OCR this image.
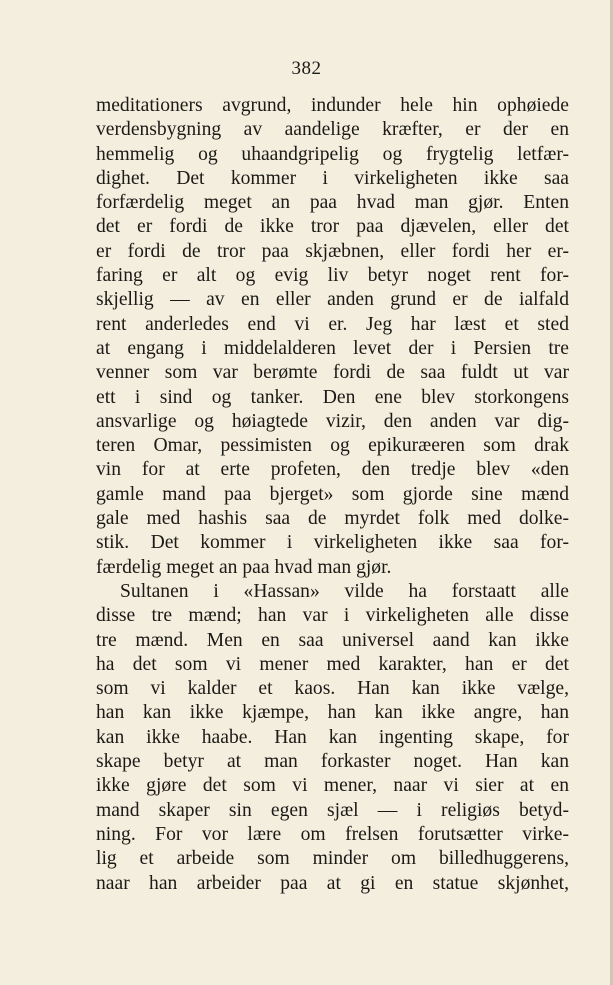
382
meditationers avgrund, indunder hele hin ophøiede
verdensbygning av aandelige kræfter, er der en
hemmelig og uhaandgripelig og frygtelig letfær-
dighet. Det kommer i virkeligheten ikke saa
forfærdelig meget an paa hvad man gjør. Enten
det er fordi de ikke tror paa djævelen, eller det
er fordi de tror paa skjæbnen, eller fordi her er-
faring er alt og evig liv betyr noget rent for-
skjellig — av en eller anden grund er de ialfald
rent anderledes end vi er. Jeg har læst et sted
at engang i middelalderen levet der i Persien tre
venner som var berømte fordi de saa fuldt ut var
ett i sind og tanker. Den ene blev storkongens
ansvarlige og høiagtede vizir, den anden var dig-
teren Omar, pessimisten og epikuræeren som drak
vin for at erte profeten, den tredje blev «den
gamle mand paa bjerget» som gjorde sine mænd
gale med hashis saa de myrdet folk med dolke-
stik. Det kommer i virkeligheten ikke saa for-
færdelig meget an paa hvad man gjør.
Sultanen i «Hassan» vilde ha forstaatt alle
disse tre mænd; han var i virkeligheten alle disse
tre mænd. Men en saa universel aand kan ikke
ha det som vi mener med karakter, han er det
som vi kalder et kaos. Han kan ikke vælge,
han kan ikke kjæmpe, han kan ikke angre, han
kan ikke haabe. Han kan ingenting skape, for
skape betyr at man forkaster noget. Han kan
ikke gjøre det som vi mener, naar vi sier at en
mand skaper sin egen sjæl — i religiøs betyd-
ning. For vor lære om frelsen forutsætter virke-
lig et arbeide som minder om billedhuggerens,
naar han arbeider paa at gi en statue skjønhet,
